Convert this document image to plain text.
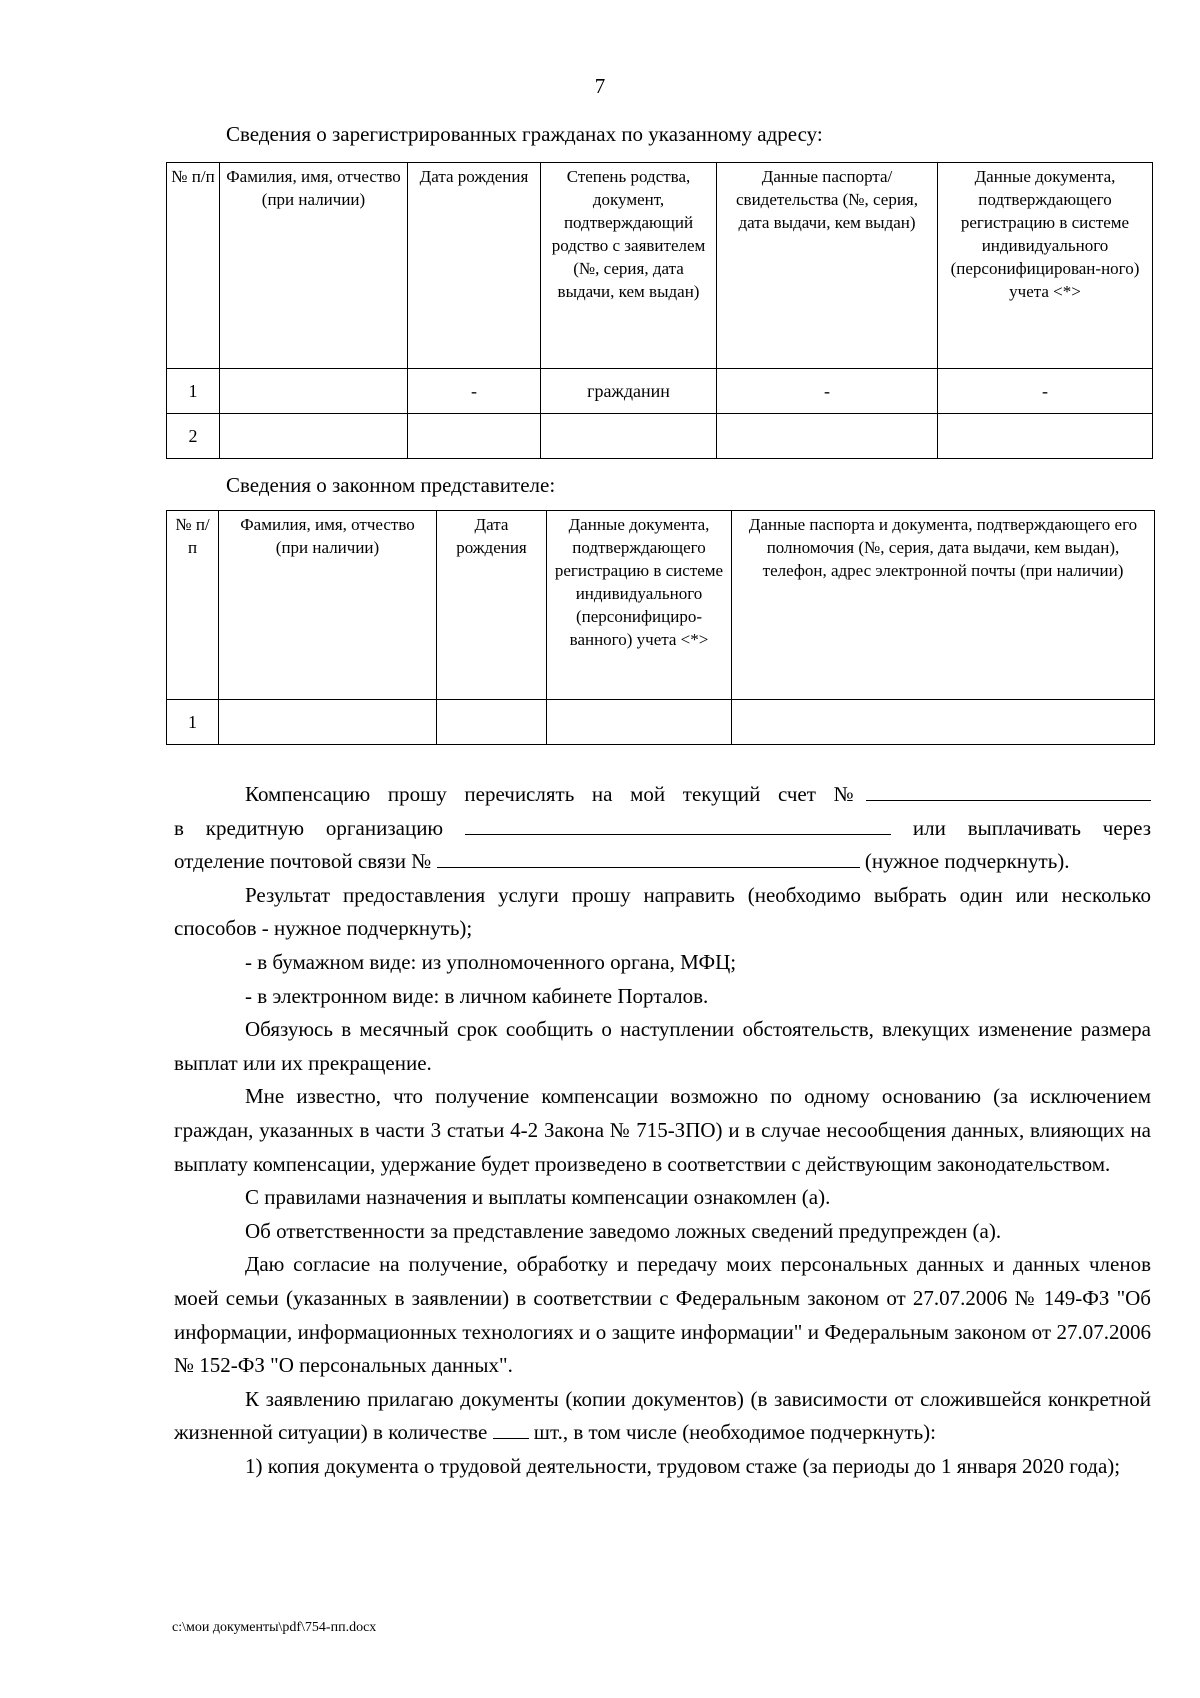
7
Сведения о зарегистрированных гражданах по указанному адресу:
№ п/п	Фамилия, имя, отчество (при наличии)	Дата рождения	Степень родства, документ, подтверждающий родство с заявителем (№, серия, дата выдачи, кем выдан)	Данные паспорта/свидетельства (№, серия, дата выдачи, кем выдан)	Данные документа, подтверждающего регистрацию в системе индивидуального (персонифицирован-ного) учета <*>
1		-	гражданин	-	-
2					
Сведения о законном представителе:
№ п/п	Фамилия, имя, отчество (при наличии)	Дата рождения	Данные документа, подтверждающего регистрацию в системе индивидуального (персонифициро-ванного) учета <*>	Данные паспорта и документа, подтверждающего его полномочия (№, серия, дата выдачи, кем выдан), телефон, адрес электронной почты (при наличии)
1				

Компенсацию прошу перечислять на мой текущий счет №

в кредитную организацию	или выплачивать через

отделение почтовой связи №	(нужное подчеркнуть).

Результат предоставления услуги прошу направить (необходимо выбрать один или несколько способов - нужное подчеркнуть);

- в бумажном виде: из уполномоченного органа, МФЦ;

- в электронном виде: в личном кабинете Порталов.

Обязуюсь в месячный срок сообщить о наступлении обстоятельств, влекущих изменение размера выплат или их прекращение.

Мне известно, что получение компенсации возможно по одному основанию (за исключением граждан, указанных в части 3 статьи 4-2 Закона № 715-ЗПО) и в случае несообщения данных, влияющих на выплату компенсации, удержание будет произведено в соответствии с действующим законодательством.

С правилами назначения и выплаты компенсации ознакомлен (а).

Об ответственности за представление заведомо ложных сведений предупрежден (а).

Даю согласие на получение, обработку и передачу моих персональных данных и данных членов моей семьи (указанных в заявлении) в соответствии с Федеральным законом от 27.07.2006 № 149-ФЗ "Об информации, информационных технологиях и о защите информации" и Федеральным законом от 27.07.2006 № 152-ФЗ "О персональных данных".

К заявлению прилагаю документы (копии документов) (в зависимости от сложившейся конкретной жизненной ситуации) в количестве шт., в том числе (необходимое подчеркнуть):

1) копия документа о трудовой деятельности, трудовом стаже (за периоды до 1 января 2020 года);

c:\мои документы\pdf\754-пп.docx
